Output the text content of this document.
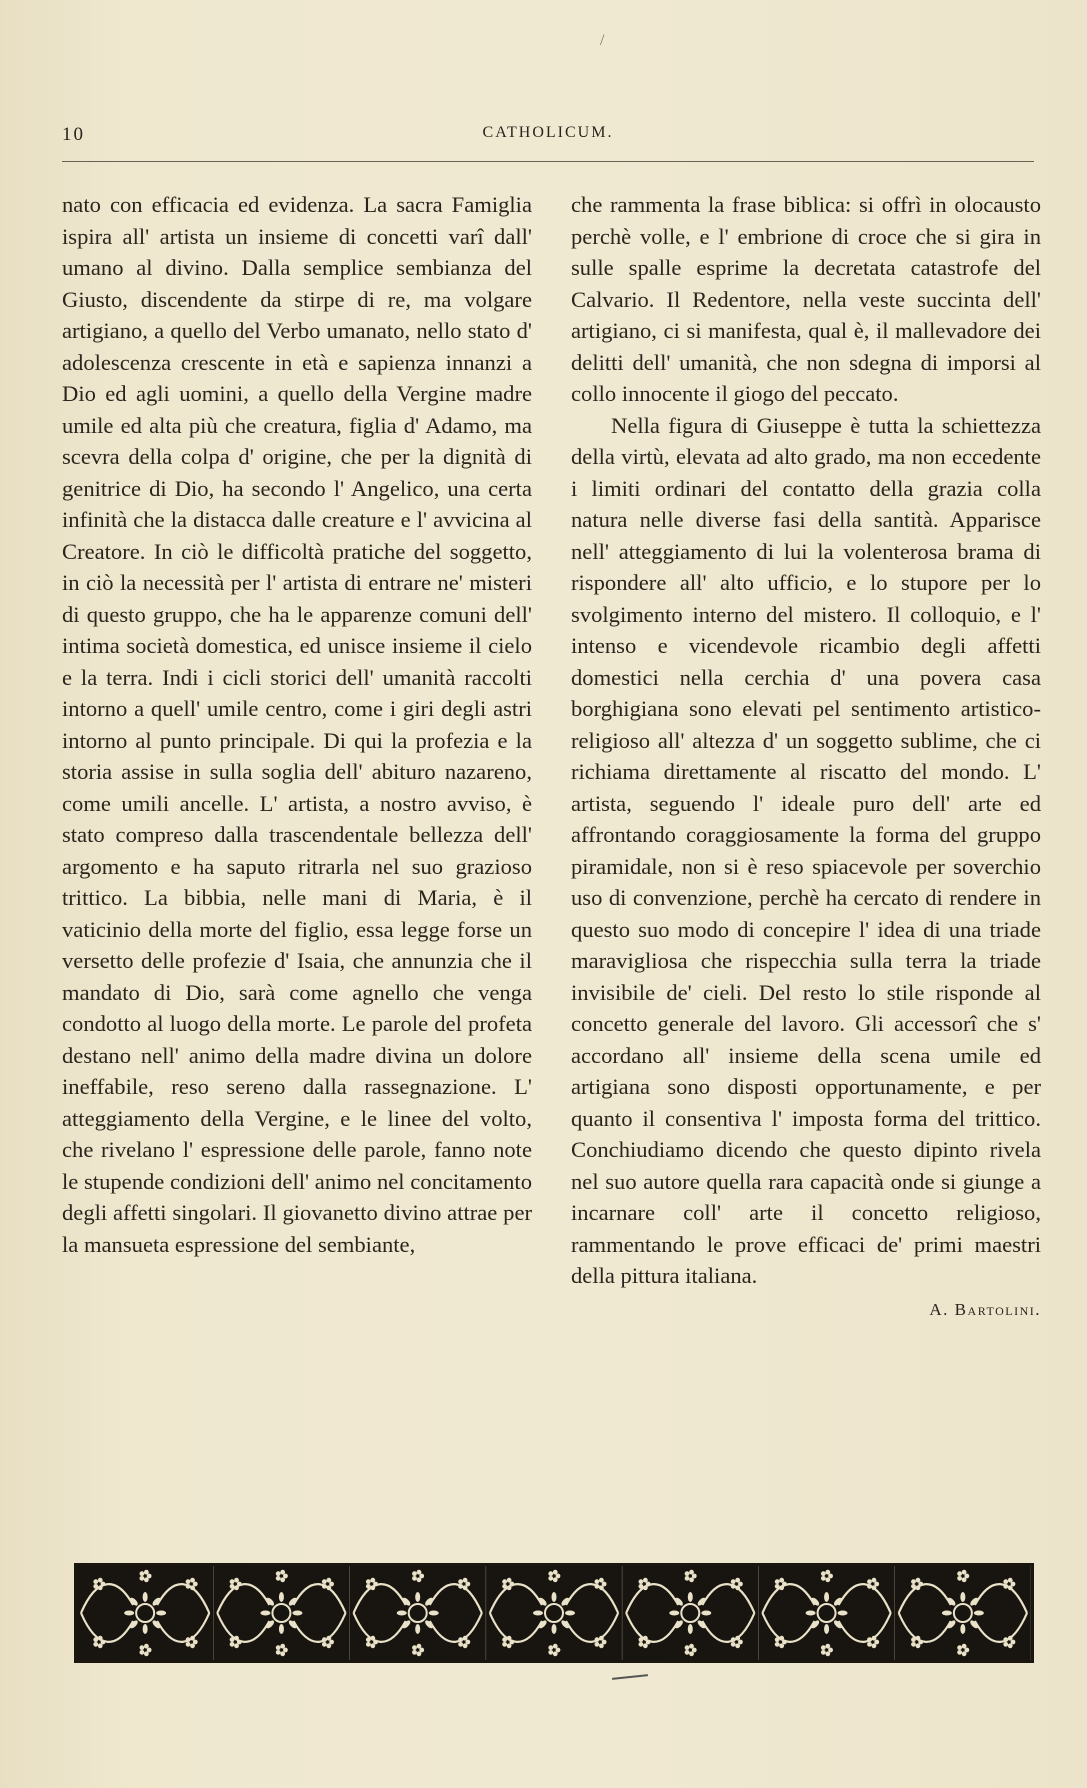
/
CATHOLICUM.
10

nato con efficacia ed evidenza. La sacra Famiglia ispira all' artista un insieme di concetti varî dall' umano al divino. Dalla semplice sembianza del Giusto, discendente da stirpe di re, ma volgare artigiano, a quello del Verbo umanato, nello stato d' adolescenza crescente in età e sapienza innanzi a Dio ed agli uomini, a quello della Vergine madre umile ed alta più che creatura, figlia d' Adamo, ma scevra della colpa d' origine, che per la dignità di genitrice di Dio, ha secondo l' Angelico, una certa infinità che la distacca dalle creature e l' avvicina al Creatore. In ciò le difficoltà pratiche del soggetto, in ciò la necessità per l' artista di entrare ne' misteri di questo gruppo, che ha le apparenze comuni dell' intima società domestica, ed unisce insieme il cielo e la terra. Indi i cicli storici dell' umanità raccolti intorno a quell' umile centro, come i giri degli astri intorno al punto principale. Di qui la profezia e la storia assise in sulla soglia dell' abituro nazareno, come umili ancelle. L' artista, a nostro avviso, è stato compreso dalla trascendentale bellezza dell' argomento e ha saputo ritrarla nel suo grazioso trittico. La bibbia, nelle mani di Maria, è il vaticinio della morte del figlio, essa legge forse un versetto delle profezie d' Isaia, che annunzia che il mandato di Dio, sarà come agnello che venga condotto al luogo della morte. Le parole del profeta destano nell' animo della madre divina un dolore ineffabile, reso sereno dalla rassegnazione. L' atteggiamento della Vergine, e le linee del volto, che rivelano l' espressione delle parole, fanno note le stupende condizioni dell' animo nel concitamento degli affetti singolari. Il giovanetto divino attrae per la mansueta espressione del sembiante,

che rammenta la frase biblica: si offrì in olocausto perchè volle, e l' embrione di croce che si gira in sulle spalle esprime la decretata catastrofe del Calvario. Il Redentore, nella veste succinta dell' artigiano, ci si manifesta, qual è, il mallevadore dei delitti dell' umanità, che non sdegna di imporsi al collo innocente il giogo del peccato.

Nella figura di Giuseppe è tutta la schiettezza della virtù, elevata ad alto grado, ma non eccedente i limiti ordinari del contatto della grazia colla natura nelle diverse fasi della santità. Apparisce nell' atteggiamento di lui la volenterosa brama di rispondere all' alto ufficio, e lo stupore per lo svolgimento interno del mistero. Il colloquio, e l' intenso e vicendevole ricambio degli affetti domestici nella cerchia d' una povera casa borghigiana sono elevati pel sentimento artistico-religioso all' altezza d' un soggetto sublime, che ci richiama direttamente al riscatto del mondo. L' artista, seguendo l' ideale puro dell' arte ed affrontando coraggiosamente la forma del gruppo piramidale, non si è reso spiacevole per soverchio uso di convenzione, perchè ha cercato di rendere in questo suo modo di concepire l' idea di una triade maravigliosa che rispecchia sulla terra la triade invisibile de' cieli. Del resto lo stile risponde al concetto generale del lavoro. Gli accessorî che s' accordano all' insieme della scena umile ed artigiana sono disposti opportunamente, e per quanto il consentiva l' imposta forma del trittico. Conchiudiamo dicendo che questo dipinto rivela nel suo autore quella rara capacità onde si giunge a incarnare coll' arte il concetto religioso, rammentando le prove efficaci de' primi maestri della pittura italiana.

A. Bartolini.
